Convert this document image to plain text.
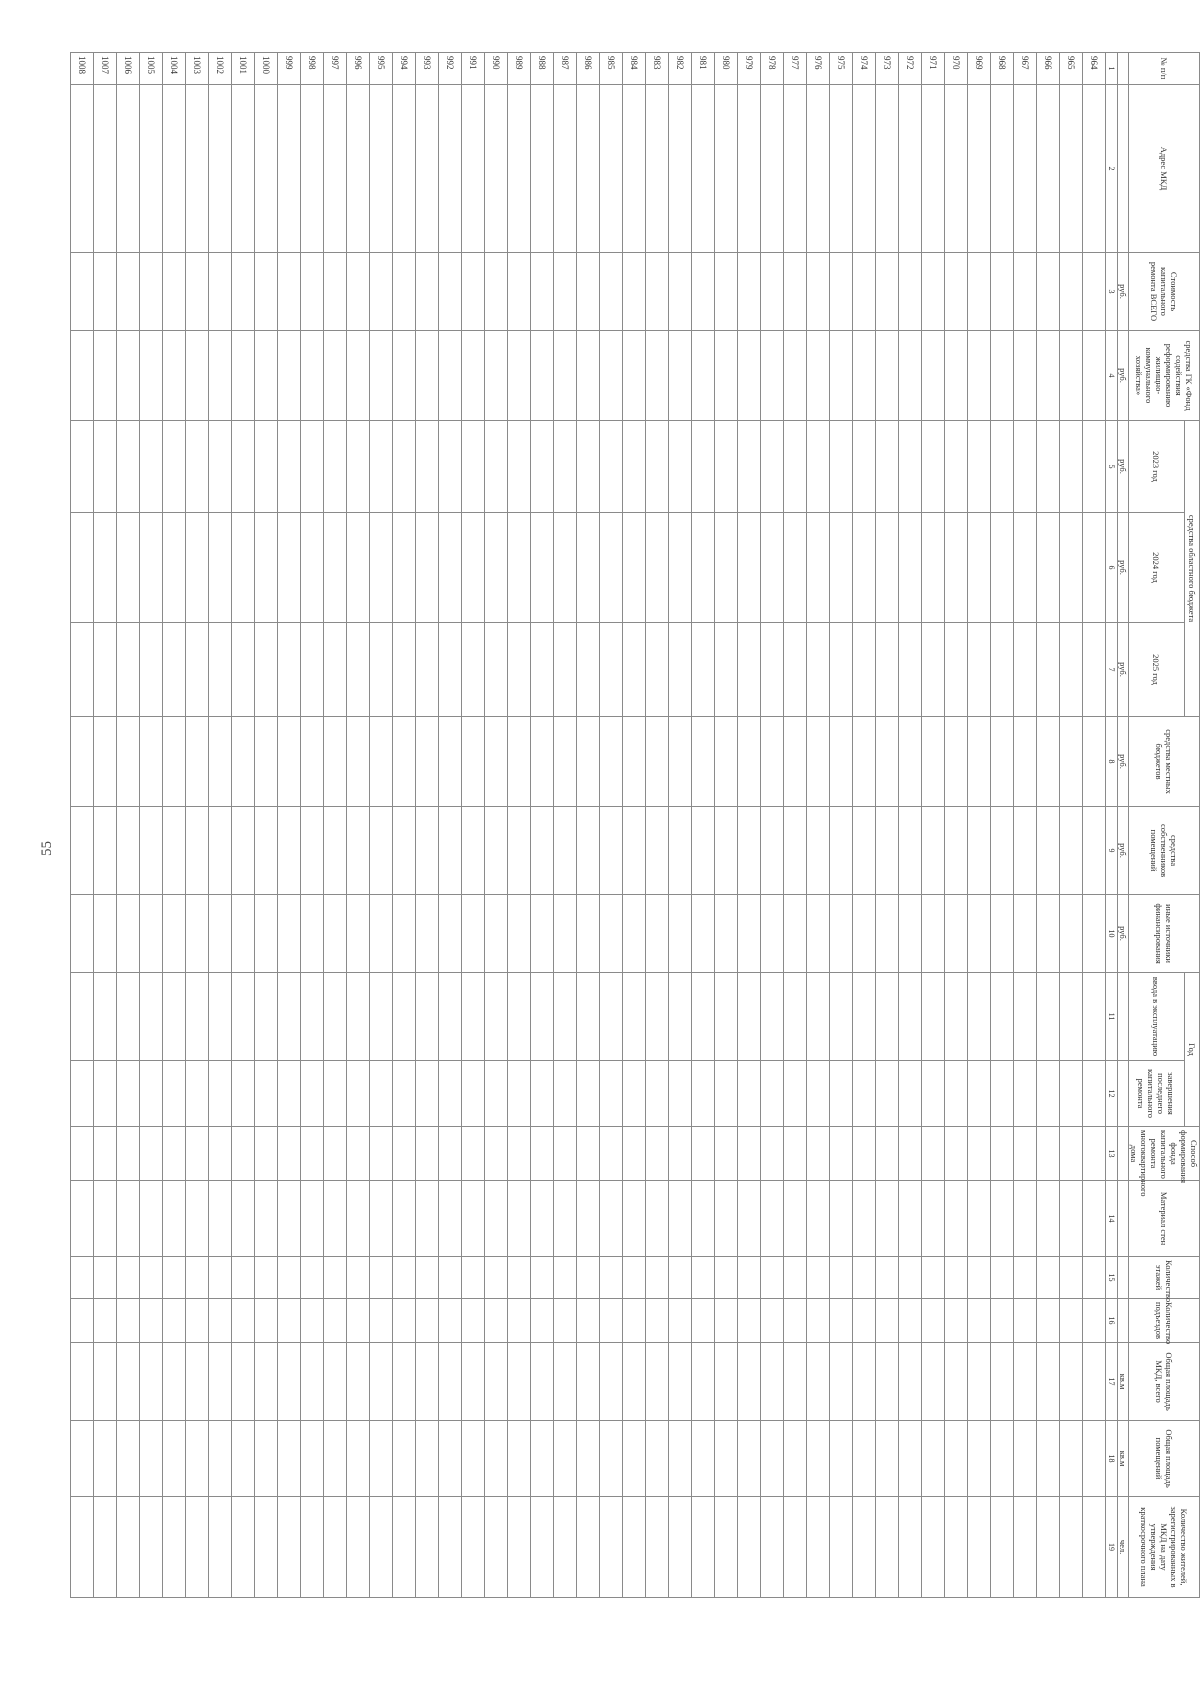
55
№ п/п	Адрес МКД	Стоимость капитального ремонта ВСЕГО	средства ГК «Фонд содействия реформированию жилищно-коммунального хозяйства»	средства областного бюджета			средства местных бюджетов	средства собственников помещений	иные источники финансирования	Год		Способ формирования фонда капитального ремонта многоквартирного дома	Материал стен	Количество этажей	Количество подъездов	Общая площадь МКД, всего	Общая площадь помещений	Количество жителей, зарегистрированных в МКД на дату утверждения краткосрочного плана
				2023 год	2024 год	2025 год				ввода в эксплуатацию	завершения последнего капитального ремонта							
		руб.	руб.	руб.	руб.	руб.	руб.	руб.	руб.							кв.м	кв.м	чел.
1	2	3	4	5	6	7	8	9	10	11	12	13	14	15	16	17	18	19
964																		
965																		
966																		
967																		
968																		
969																		
970																		
971																		
972																		
973																		
974																		
975																		
976																		
977																		
978																		
979																		
980																		
981																		
982																		
983																		
984																		
985																		
986																		
987																		
988																		
989																		
990																		
991																		
992																		
993																		
994																		
995																		
996																		
997																		
998																		
999																		
1000																		
1001																		
1002																		
1003																		
1004																		
1005																		
1006																		
1007																		
1008																		
